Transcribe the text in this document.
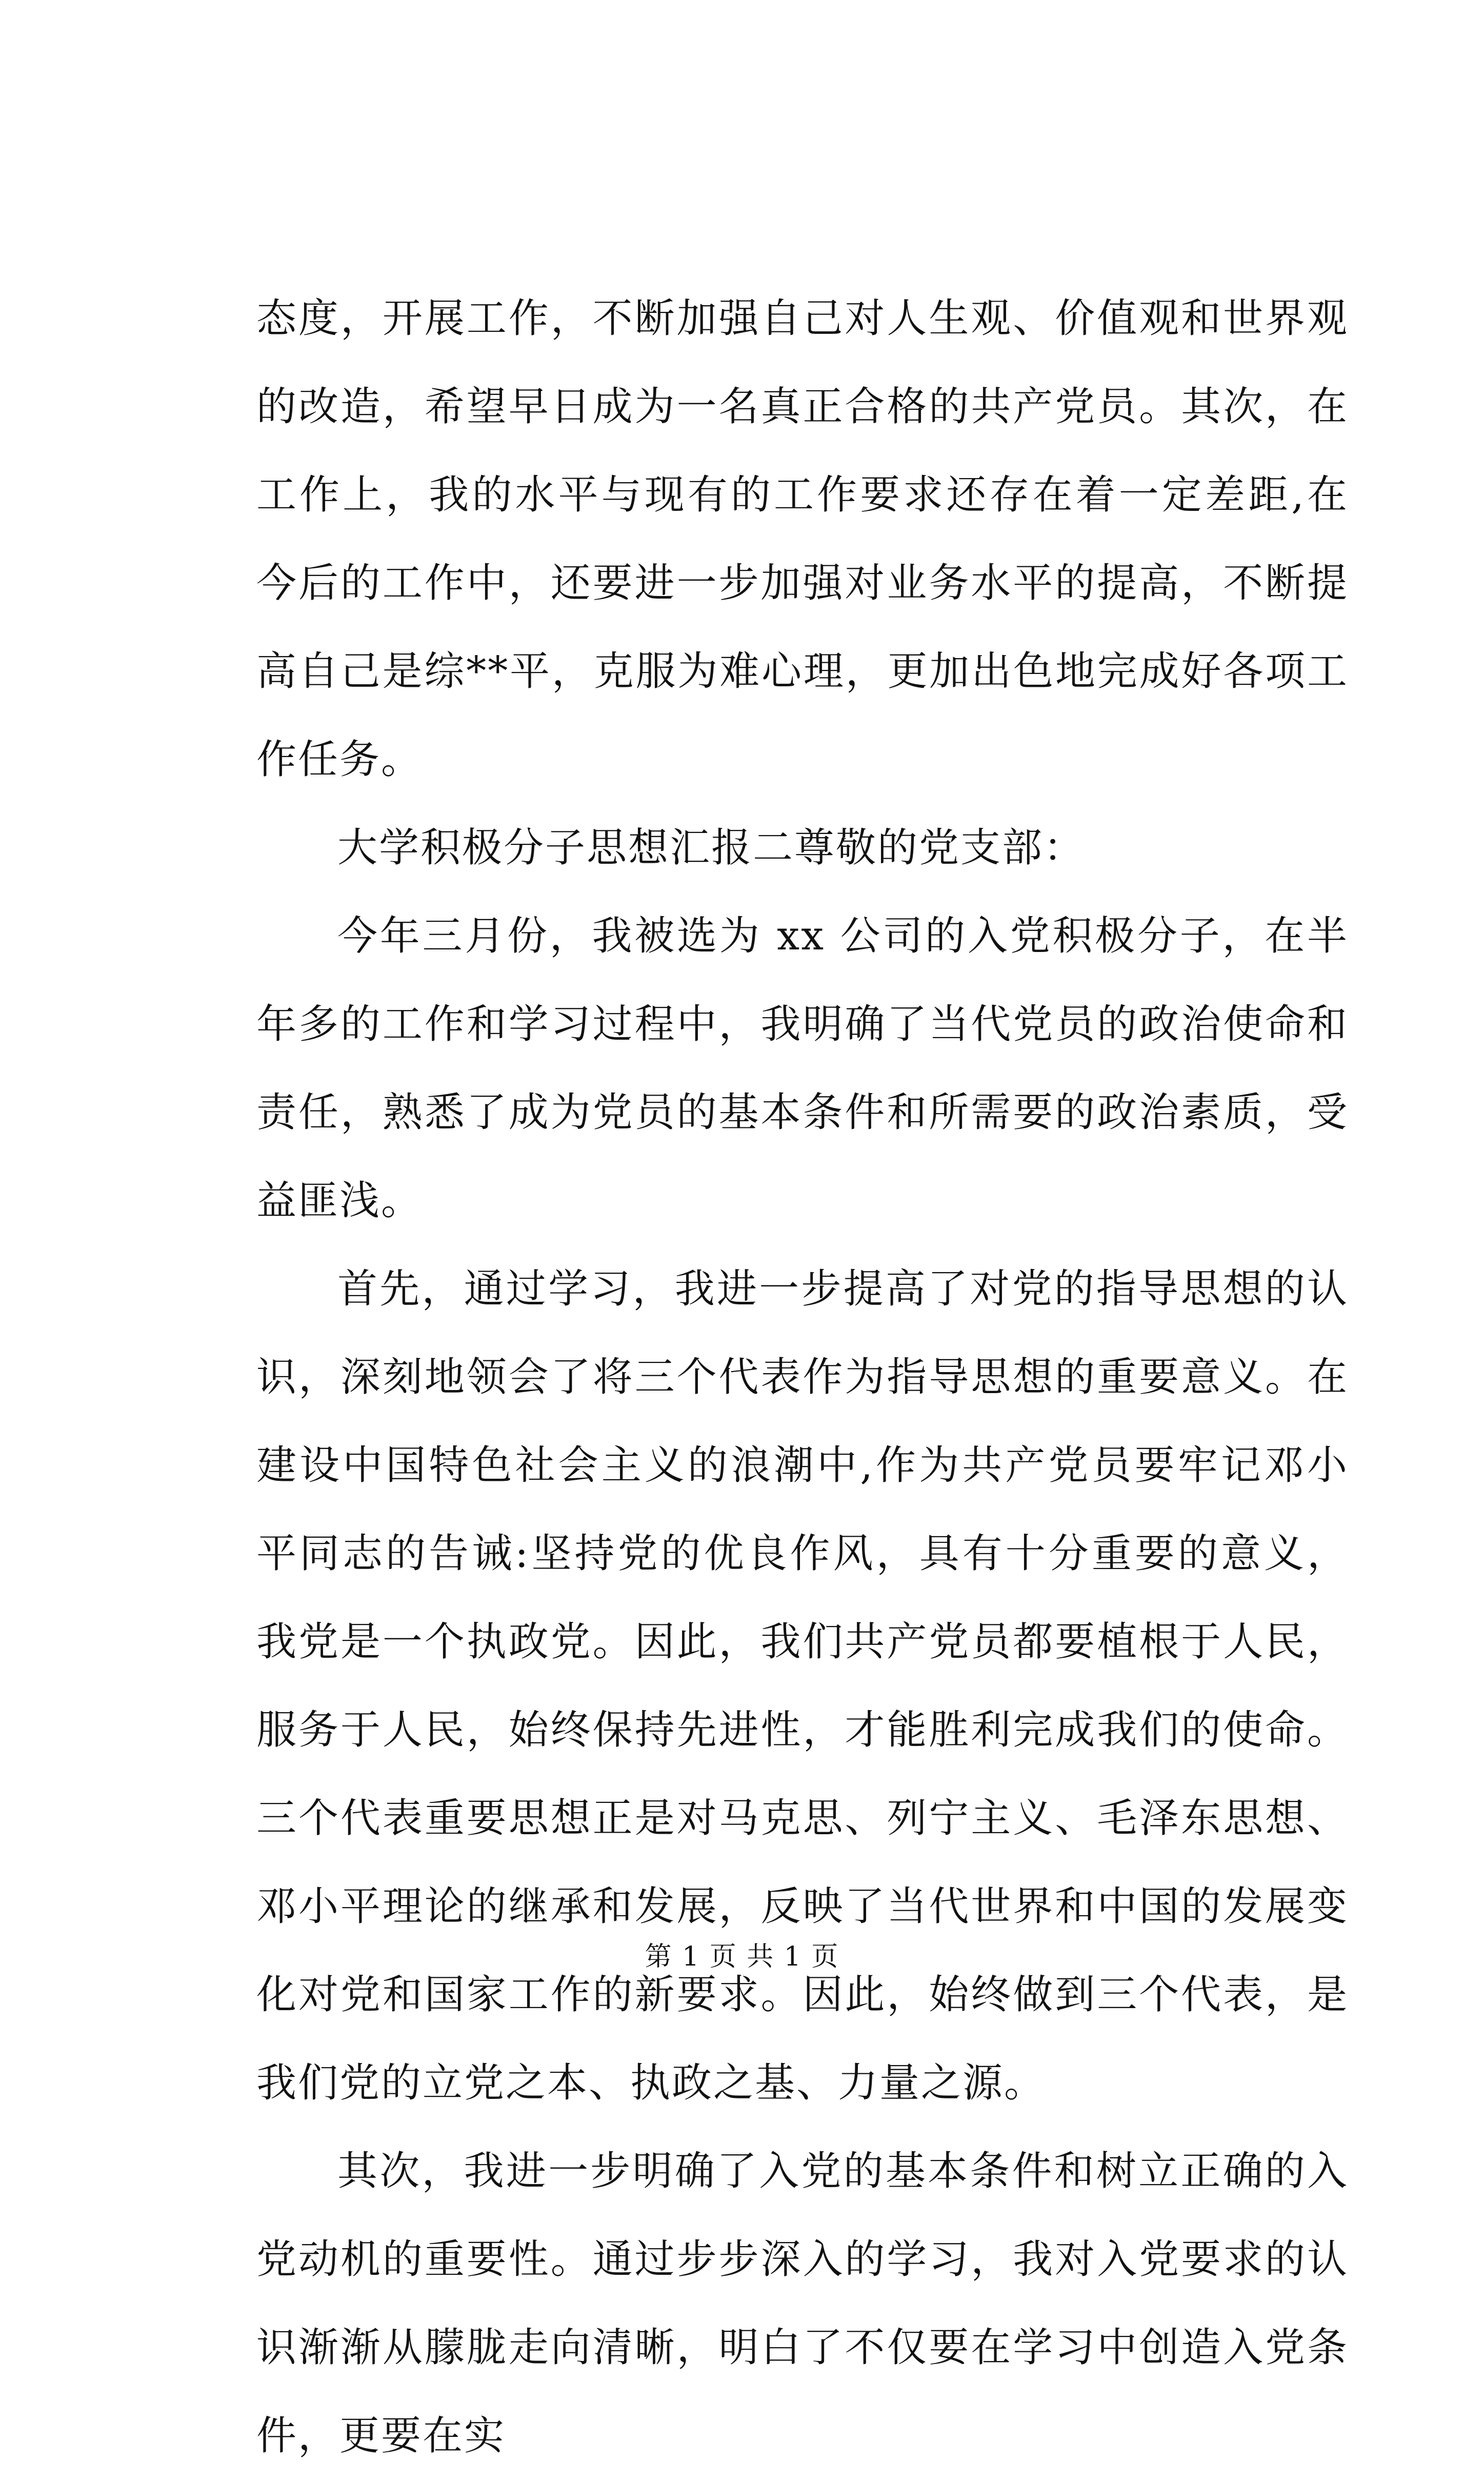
态度，开展工作，不断加强自己对人生观、价值观和世界观的改造，希望早日成为一名真正合格的共产党员。其次，在工作上，我的水平与现有的工作要求还存在着一定差距,在今后的工作中，还要进一步加强对业务水平的提高，不断提高自己是综**平，克服为难心理，更加出色地完成好各项工作任务。

大学积极分子思想汇报二尊敬的党支部：

今年三月份，我被选为 xx 公司的入党积极分子，在半年多的工作和学习过程中，我明确了当代党员的政治使命和责任，熟悉了成为党员的基本条件和所需要的政治素质，受益匪浅。

首先，通过学习，我进一步提高了对党的指导思想的认识，深刻地领会了将三个代表作为指导思想的重要意义。在建设中国特色社会主义的浪潮中,作为共产党员要牢记邓小平同志的告诫:坚持党的优良作风，具有十分重要的意义，我党是一个执政党。因此，我们共产党员都要植根于人民，服务于人民，始终保持先进性，才能胜利完成我们的使命。三个代表重要思想正是对马克思、列宁主义、毛泽东思想、邓小平理论的继承和发展，反映了当代世界和中国的发展变化对党和国家工作的新要求。因此，始终做到三个代表，是我们党的立党之本、执政之基、力量之源。

其次，我进一步明确了入党的基本条件和树立正确的入党动机的重要性。通过步步深入的学习，我对入党要求的认识渐渐从朦胧走向清晰，明白了不仅要在学习中创造入党条件，更要在实

第 1 页 共 1 页
